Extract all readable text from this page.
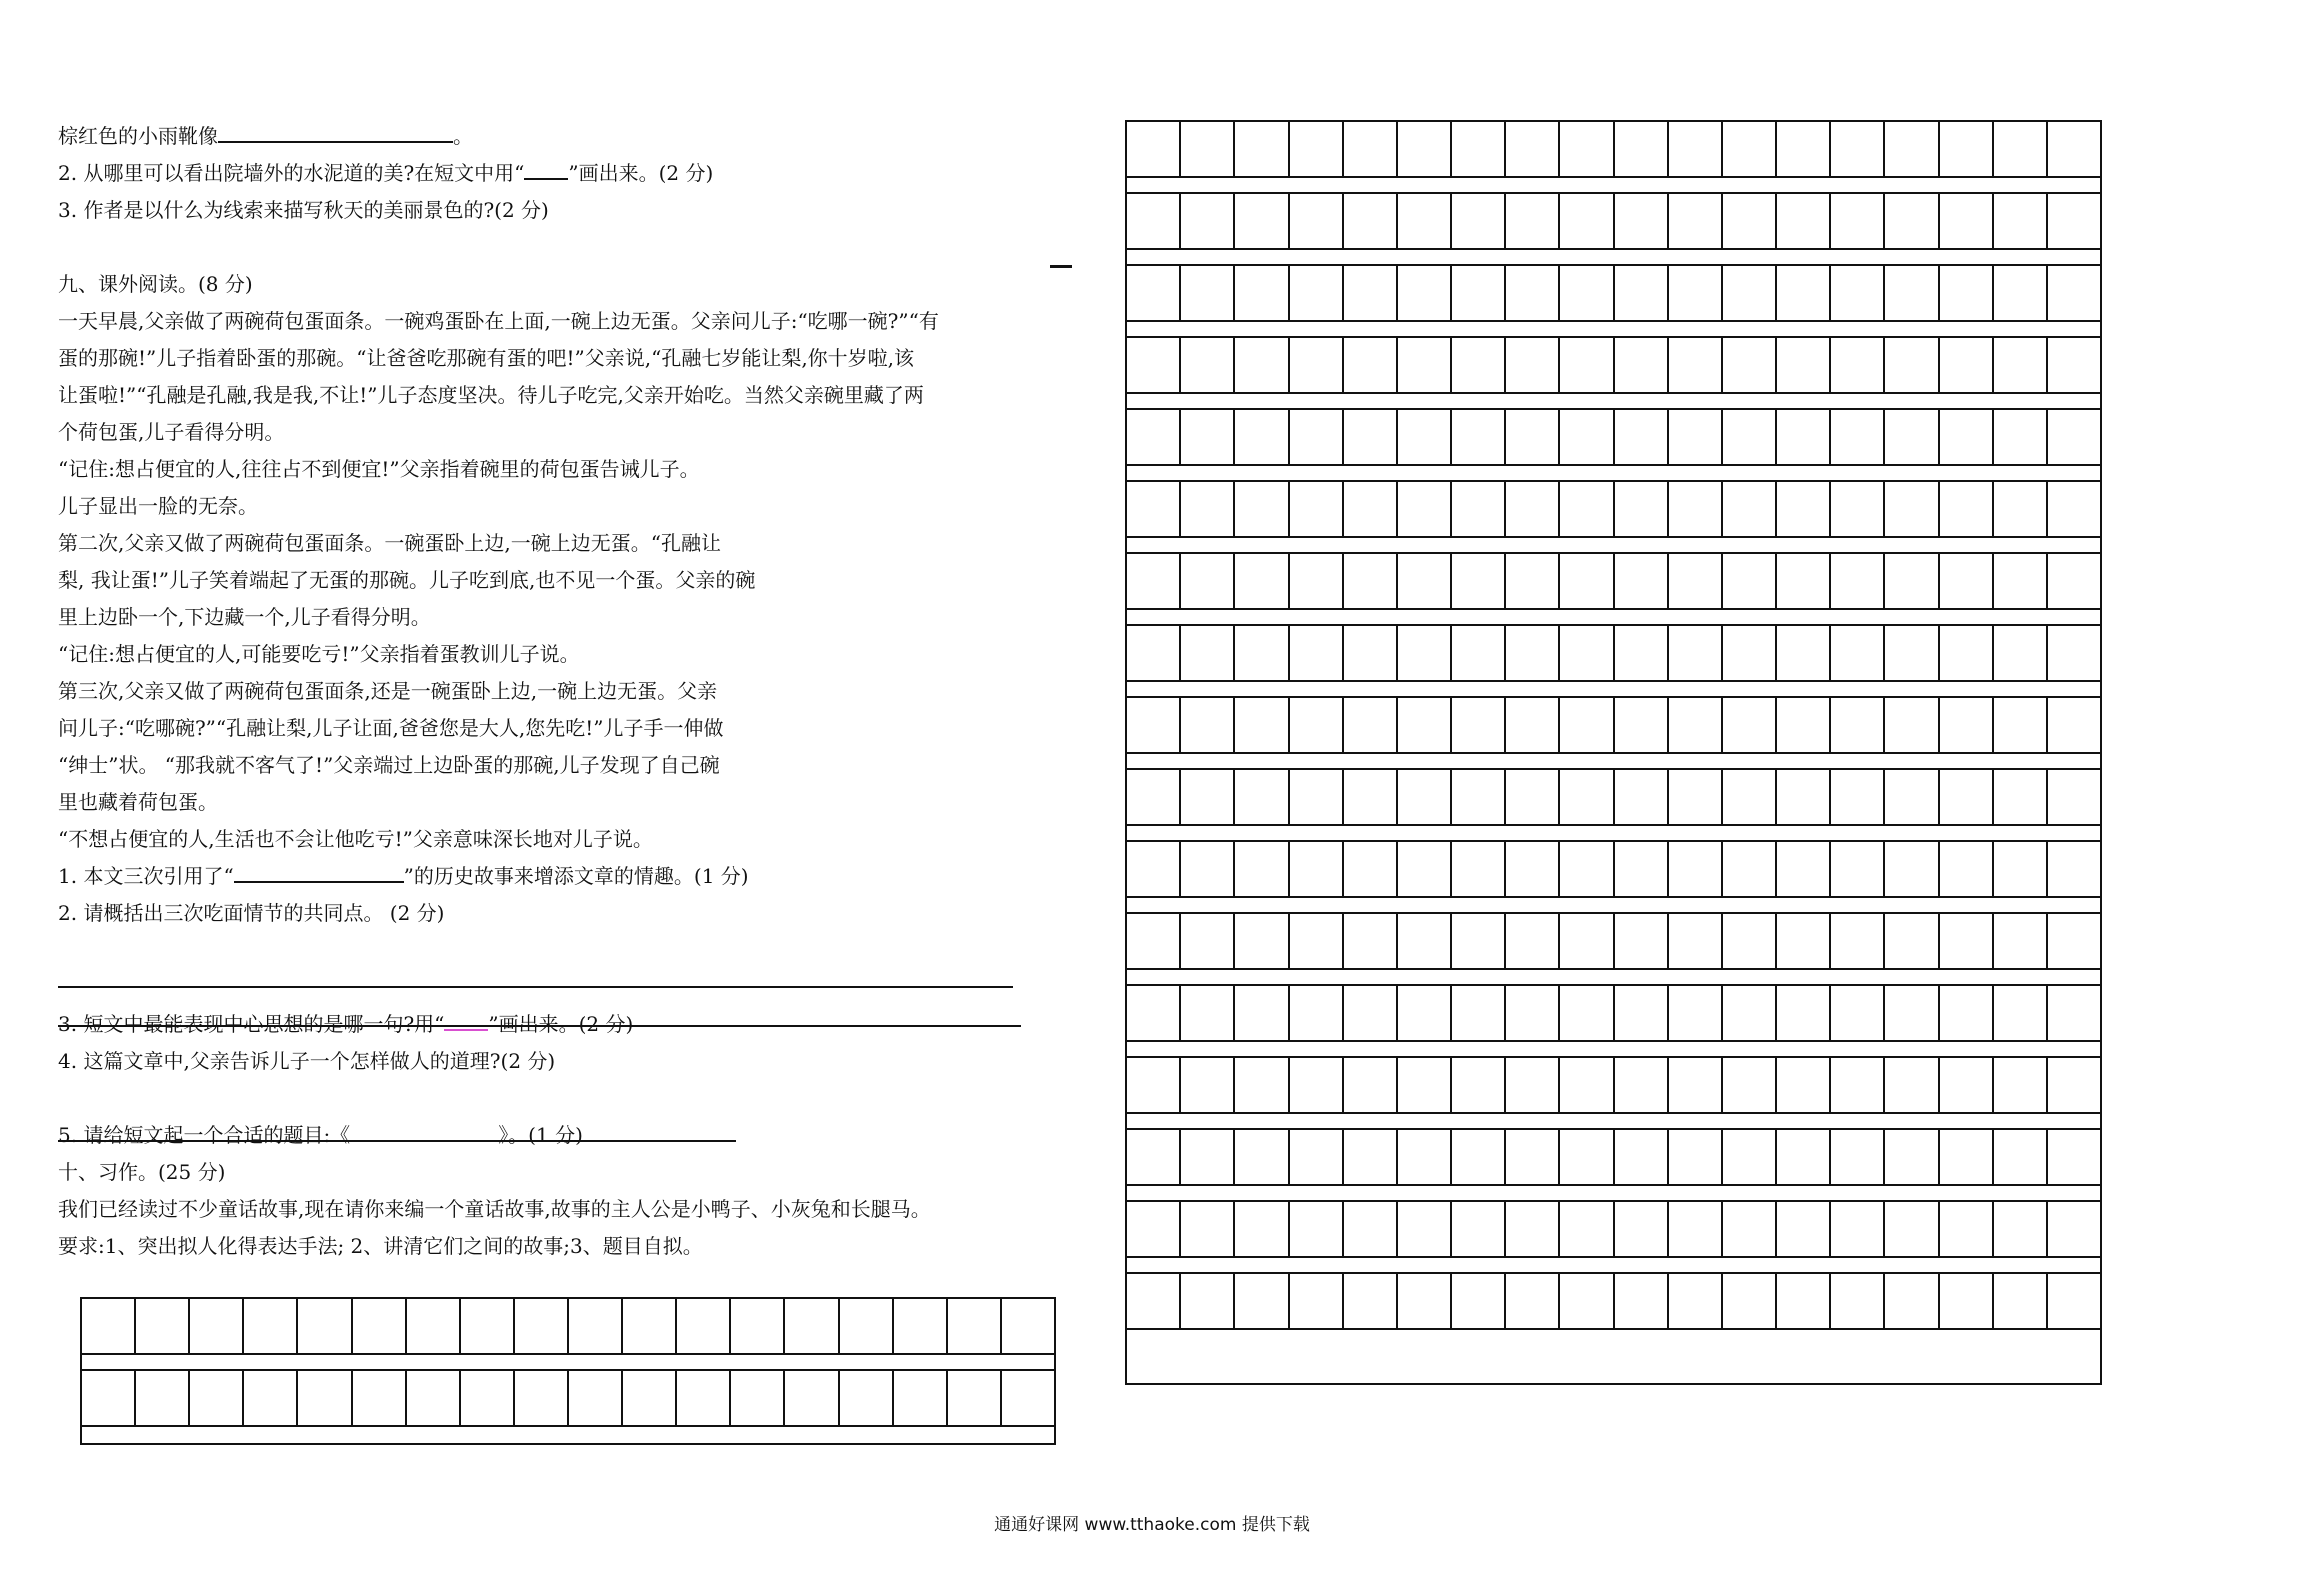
棕红色的小雨靴像	。
2. 从哪里可以看出院墙外的水泥道的美?在短文中用“ ”画出来。(2 分)
3. 作者是以什么为线索来描写秋天的美丽景色的?(2 分)
九、课外阅读。(8 分)
一天早晨,父亲做了两碗荷包蛋面条。一碗鸡蛋卧在上面,一碗上边无蛋。父亲问儿子:“吃哪一碗?”“有
蛋的那碗!”儿子指着卧蛋的那碗。“让爸爸吃那碗有蛋的吧!”父亲说,“孔融七岁能让梨,你十岁啦,该
让蛋啦!”“孔融是孔融,我是我,不让!”儿子态度坚决。待儿子吃完,父亲开始吃。当然父亲碗里藏了两
个荷包蛋,儿子看得分明。
“记住:想占便宜的人,往往占不到便宜!”父亲指着碗里的荷包蛋告诫儿子。
儿子显出一脸的无奈。
第二次,父亲又做了两碗荷包蛋面条。一碗蛋卧上边,一碗上边无蛋。“孔融让
梨, 我让蛋!”儿子笑着端起了无蛋的那碗。儿子吃到底,也不见一个蛋。父亲的碗
里上边卧一个,下边藏一个,儿子看得分明。
“记住:想占便宜的人,可能要吃亏!”父亲指着蛋教训儿子说。
第三次,父亲又做了两碗荷包蛋面条,还是一碗蛋卧上边,一碗上边无蛋。父亲
问儿子:“吃哪碗?”“孔融让梨,儿子让面,爸爸您是大人,您先吃!”儿子手一伸做
“绅士”状。 “那我就不客气了!”父亲端过上边卧蛋的那碗,儿子发现了自己碗
里也藏着荷包蛋。
“不想占便宜的人,生活也不会让他吃亏!”父亲意味深长地对儿子说。
1. 本文三次引用了“	”的历史故事来增添文章的情趣。(1 分)
2. 请概括出三次吃面情节的共同点。 (2 分)
3. 短文中最能表现中心思想的是哪一句?用“ ”画出来。(2 分)
4. 这篇文章中,父亲告诉儿子一个怎样做人的道理?(2 分)
5. 请给短文起一个合适的题目:《	》。(1 分)
十、习作。(25 分)
我们已经读过不少童话故事,现在请你来编一个童话故事,故事的主人公是小鸭子、小灰兔和长腿马。
要求:1、突出拟人化得表达手法; 2、讲清它们之间的故事;3、题目自拟。
通通好课网 www.tthaoke.com 提供下载
